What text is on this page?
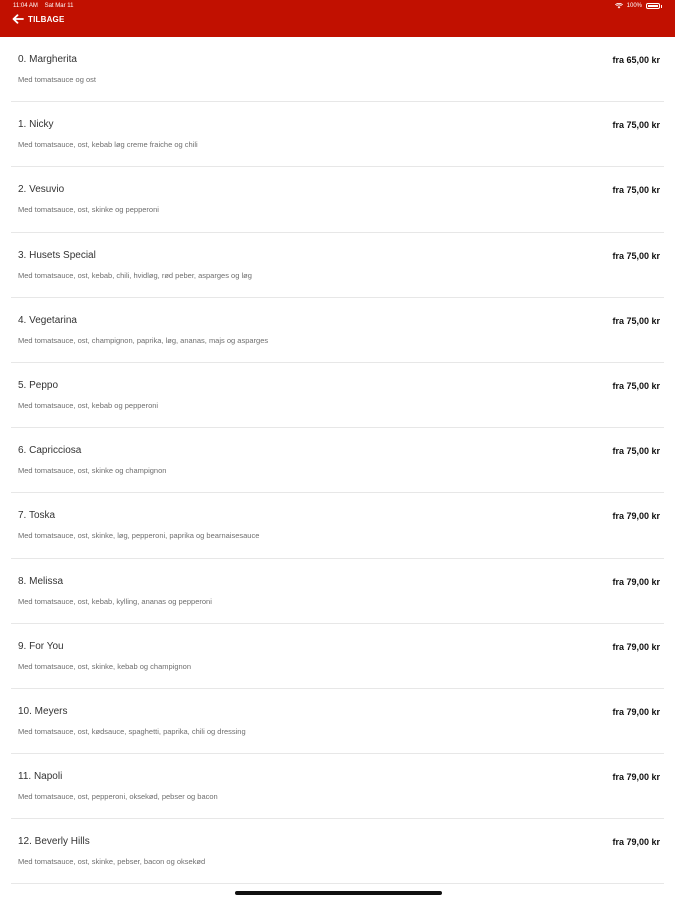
11:04 AM Sat Mar 11	100%
TILBAGE
0. Margherita
Med tomatsauce og ost
fra 65,00 kr
1. Nicky
Med tomatsauce, ost, kebab løg creme fraiche og chili
fra 75,00 kr
2. Vesuvio
Med tomatsauce, ost, skinke og pepperoni
fra 75,00 kr
3. Husets Special
Med tomatsauce, ost, kebab, chili, hvidløg, rød peber, asparges og løg
fra 75,00 kr
4. Vegetarina
Med tomatsauce, ost, champignon, paprika, løg, ananas, majs og asparges
fra 75,00 kr
5. Peppo
Med tomatsauce, ost, kebab og pepperoni
fra 75,00 kr
6. Capricciosa
Med tomatsauce, ost, skinke og champignon
fra 75,00 kr
7. Toska
Med tomatsauce, ost, skinke, løg, pepperoni, paprika og bearnaisesauce
fra 79,00 kr
8. Melissa
Med tomatsauce, ost, kebab, kylling, ananas og pepperoni
fra 79,00 kr
9. For You
Med tomatsauce, ost, skinke, kebab og champignon
fra 79,00 kr
10. Meyers
Med tomatsauce, ost, kødsauce, spaghetti, paprika, chili og dressing
fra 79,00 kr
11. Napoli
Med tomatsauce, ost, pepperoni, oksekød, pebser og bacon
fra 79,00 kr
12. Beverly Hills
Med tomatsauce, ost, skinke, pebser, bacon og oksekød
fra 79,00 kr
